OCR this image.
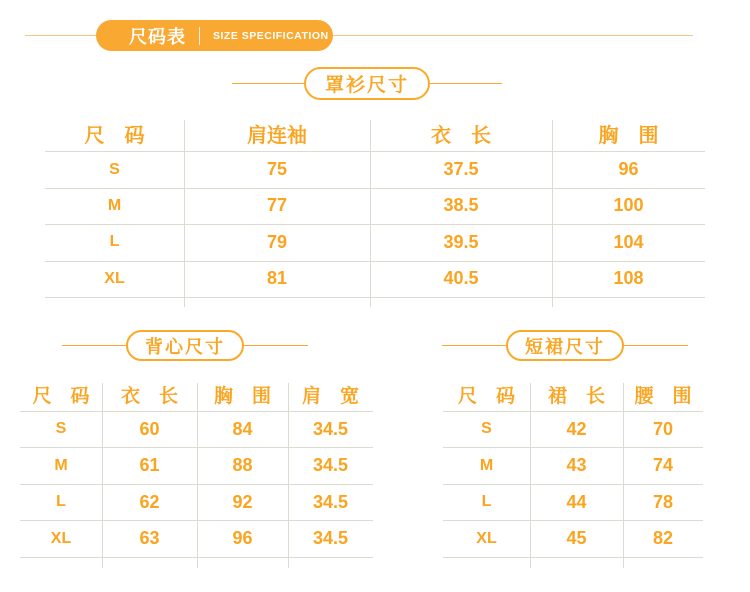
尺码表	SIZE SPECIFICATION
罩衫尺寸
尺　码	肩连袖	衣　长	胸　围
S	75	37.5	96
M	77	38.5	100
L	79	39.5	104
XL	81	40.5	108
背心尺寸	短裙尺寸
尺　码	衣　长	胸　围	肩　宽
S	60	84	34.5
M	61	88	34.5
L	62	92	34.5
XL	63	96	34.5
尺　码	裙　长	腰　围
S	42	70
M	43	74
L	44	78
XL	45	82
